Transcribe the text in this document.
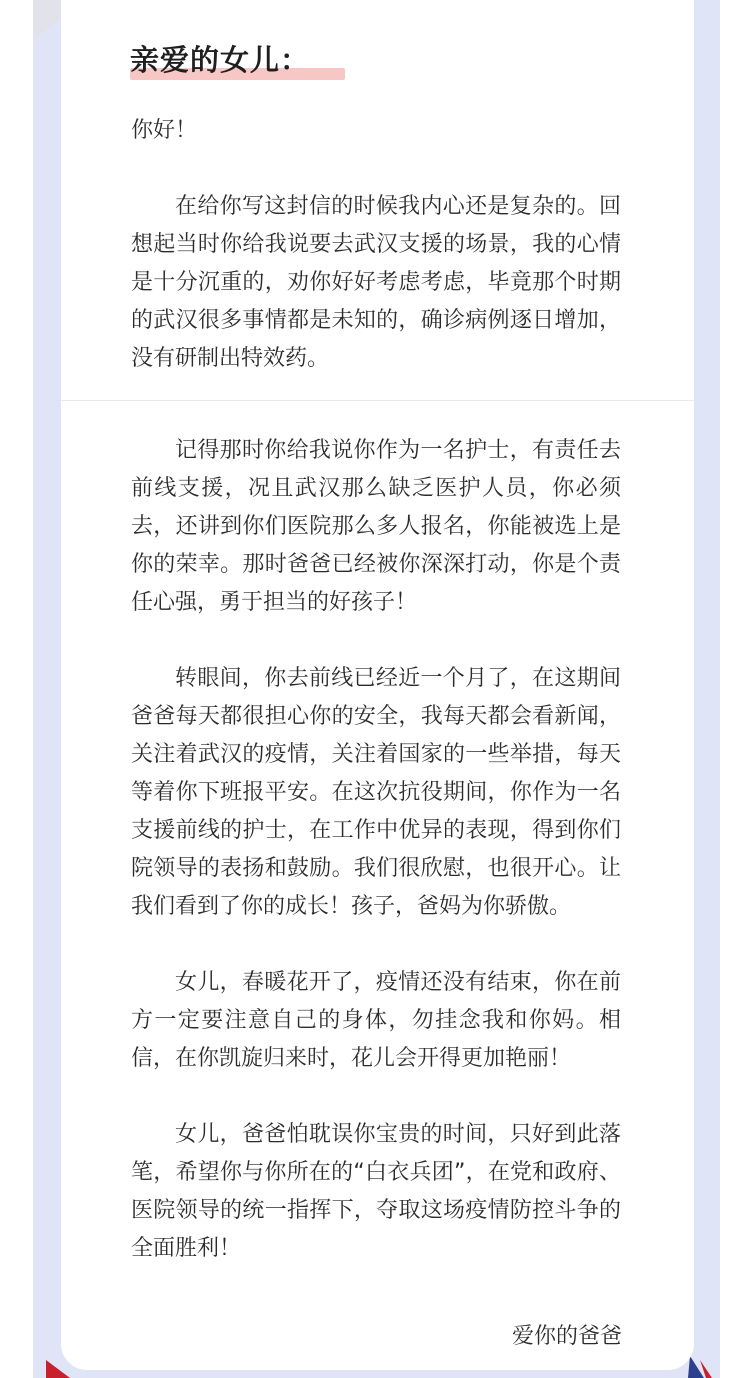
亲爱的女儿：

你好！

在给你写这封信的时候我内心还是复杂的。回想起当时你给我说要去武汉支援的场景，我的心情是十分沉重的，劝你好好考虑考虑，毕竟那个时期的武汉很多事情都是未知的，确诊病例逐日增加，没有研制出特效药。

记得那时你给我说你作为一名护士，有责任去前线支援，况且武汉那么缺乏医护人员，你必须去，还讲到你们医院那么多人报名，你能被选上是你的荣幸。那时爸爸已经被你深深打动，你是个责任心强，勇于担当的好孩子！

转眼间，你去前线已经近一个月了，在这期间爸爸每天都很担心你的安全，我每天都会看新闻，关注着武汉的疫情，关注着国家的一些举措，每天等着你下班报平安。在这次抗役期间，你作为一名支援前线的护士，在工作中优异的表现，得到你们院领导的表扬和鼓励。我们很欣慰，也很开心。让我们看到了你的成长！孩子，爸妈为你骄傲。

女儿，春暖花开了，疫情还没有结束，你在前方一定要注意自己的身体，勿挂念我和你妈。相信，在你凯旋归来时，花儿会开得更加艳丽！

女儿，爸爸怕耽误你宝贵的时间，只好到此落笔，希望你与你所在的“白衣兵团”，在党和政府、医院领导的统一指挥下，夺取这场疫情防控斗争的全面胜利！

爱你的爸爸
